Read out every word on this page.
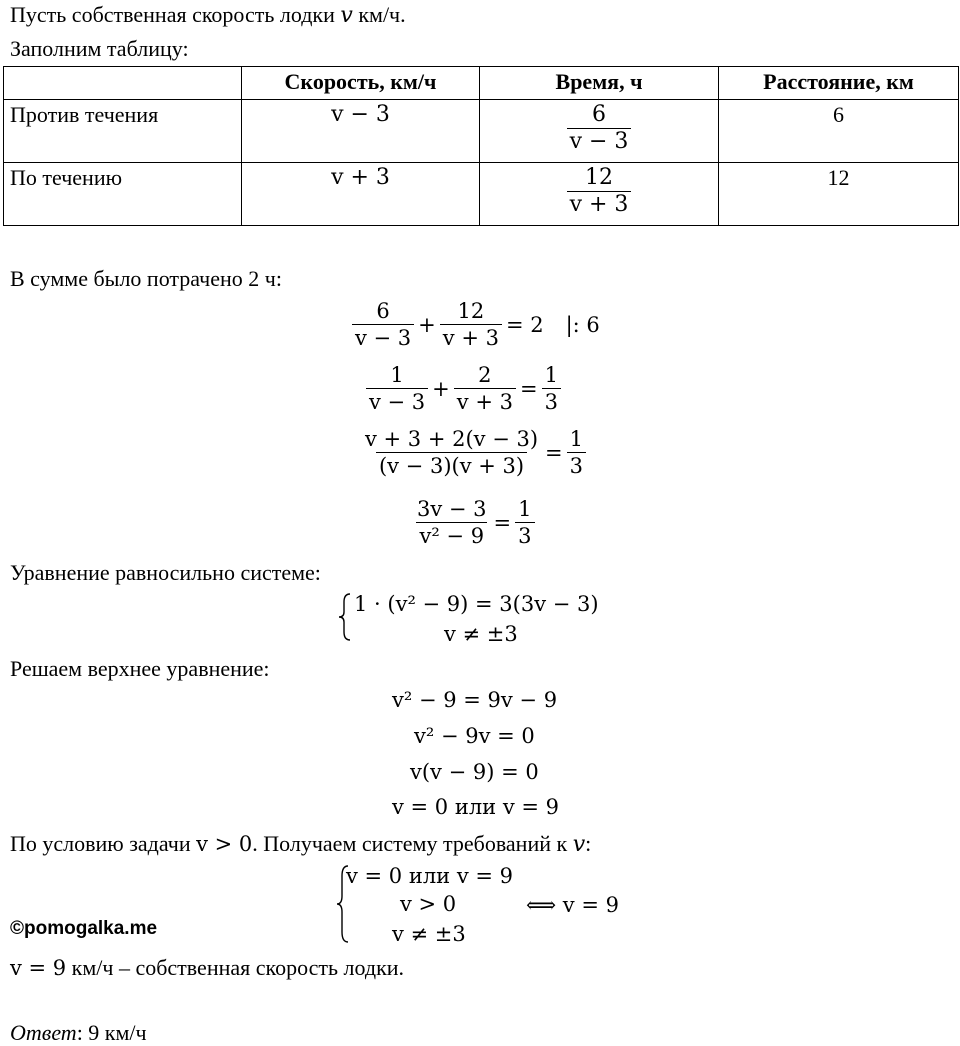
Пусть собственная скорость лодки v км/ч.
Заполним таблицу:
	Скорость, км/ч	Время, ч	Расстояние, км
Против течения	v − 3	$\frac{6}{v - 3}$	6
По течению	v + 3	$\frac{12}{v + 3}$	12
В сумме было потрачено 2 ч:
$\frac{6}{v - 3} + \frac{12}{v + 3} = 2$	|: 6
$\frac{1}{v - 3} + \frac{2}{v + 3} = \frac{1}{3}$
$\frac{v + 3 + 2(v - 3)}{(v - 3)(v + 3)} = \frac{1}{3}$
$\frac{3v - 3}{\text{v² − 9}} = \frac{1}{3}$
Уравнение равносильно системе:
1 · (v² − 9) = 3(3v − 3)
v ≠ ±3
Решаем верхнее уравнение:
v² − 9 = 9v − 9
v² − 9v = 0
v(v − 9) = 0
v = 0 или v = 9
По условию задачи v > 0. Получаем систему требований к v:
v = 0 или v = 9
v > 0
v ≠ ±3
⟺ v = 9
©pomogalka.me
v = 9 км/ч – собственная скорость лодки.
Ответ: 9 км/ч
